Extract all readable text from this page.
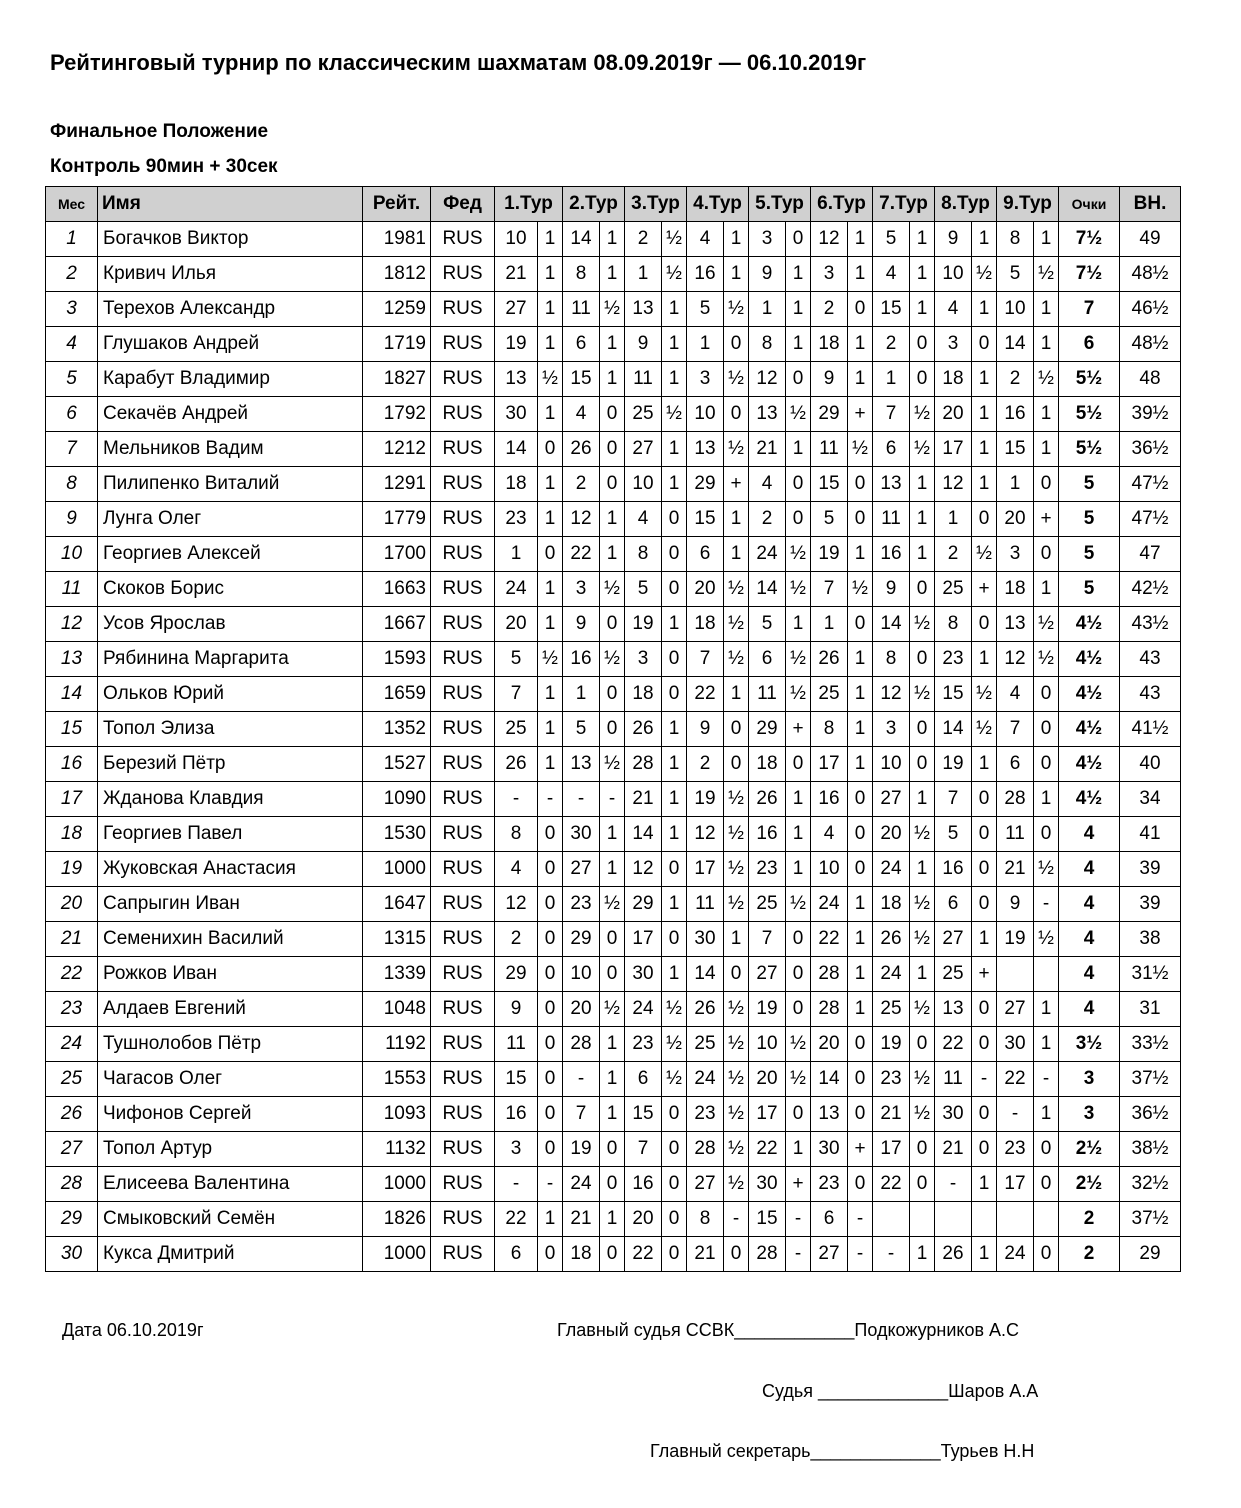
Рейтинговый турнир по классическим шахматам 08.09.2019г — 06.10.2019г
Финальное Положение
Контроль 90мин + 30сек
Мес	Имя	Рейт.	Фед	1.Тур		2.Тур		3.Тур		4.Тур		5.Тур		6.Тур		7.Тур		8.Тур		9.Тур		Очки	ВН.
1	Богачков Виктор	1981	RUS	10	1	14	1	2	½	4	1	3	0	12	1	5	1	9	1	8	1	7½	49
2	Кривич Илья	1812	RUS	21	1	8	1	1	½	16	1	9	1	3	1	4	1	10	½	5	½	7½	48½
3	Терехов Александр	1259	RUS	27	1	11	½	13	1	5	½	1	1	2	0	15	1	4	1	10	1	7	46½
4	Глушаков Андрей	1719	RUS	19	1	6	1	9	1	1	0	8	1	18	1	2	0	3	0	14	1	6	48½
5	Карабут Владимир	1827	RUS	13	½	15	1	11	1	3	½	12	0	9	1	1	0	18	1	2	½	5½	48
6	Секачёв Андрей	1792	RUS	30	1	4	0	25	½	10	0	13	½	29	+	7	½	20	1	16	1	5½	39½
7	Мельников Вадим	1212	RUS	14	0	26	0	27	1	13	½	21	1	11	½	6	½	17	1	15	1	5½	36½
8	Пилипенко Виталий	1291	RUS	18	1	2	0	10	1	29	+	4	0	15	0	13	1	12	1	1	0	5	47½
9	Лунга Олег	1779	RUS	23	1	12	1	4	0	15	1	2	0	5	0	11	1	1	0	20	+	5	47½
10	Георгиев Алексей	1700	RUS	1	0	22	1	8	0	6	1	24	½	19	1	16	1	2	½	3	0	5	47
11	Скоков Борис	1663	RUS	24	1	3	½	5	0	20	½	14	½	7	½	9	0	25	+	18	1	5	42½
12	Усов Ярослав	1667	RUS	20	1	9	0	19	1	18	½	5	1	1	0	14	½	8	0	13	½	4½	43½
13	Рябинина Маргарита	1593	RUS	5	½	16	½	3	0	7	½	6	½	26	1	8	0	23	1	12	½	4½	43
14	Ольков Юрий	1659	RUS	7	1	1	0	18	0	22	1	11	½	25	1	12	½	15	½	4	0	4½	43
15	Топол Элиза	1352	RUS	25	1	5	0	26	1	9	0	29	+	8	1	3	0	14	½	7	0	4½	41½
16	Березий Пётр	1527	RUS	26	1	13	½	28	1	2	0	18	0	17	1	10	0	19	1	6	0	4½	40
17	Жданова Клавдия	1090	RUS	-	-	-	-	21	1	19	½	26	1	16	0	27	1	7	0	28	1	4½	34
18	Георгиев Павел	1530	RUS	8	0	30	1	14	1	12	½	16	1	4	0	20	½	5	0	11	0	4	41
19	Жуковская Анастасия	1000	RUS	4	0	27	1	12	0	17	½	23	1	10	0	24	1	16	0	21	½	4	39
20	Сапрыгин Иван	1647	RUS	12	0	23	½	29	1	11	½	25	½	24	1	18	½	6	0	9	-	4	39
21	Семенихин Василий	1315	RUS	2	0	29	0	17	0	30	1	7	0	22	1	26	½	27	1	19	½	4	38
22	Рожков Иван	1339	RUS	29	0	10	0	30	1	14	0	27	0	28	1	24	1	25	+			4	31½
23	Алдаев Евгений	1048	RUS	9	0	20	½	24	½	26	½	19	0	28	1	25	½	13	0	27	1	4	31
24	Тушнолобов Пётр	1192	RUS	11	0	28	1	23	½	25	½	10	½	20	0	19	0	22	0	30	1	3½	33½
25	Чагасов Олег	1553	RUS	15	0	-	1	6	½	24	½	20	½	14	0	23	½	11	-	22	-	3	37½
26	Чифонов Сергей	1093	RUS	16	0	7	1	15	0	23	½	17	0	13	0	21	½	30	0	-	1	3	36½
27	Топол Артур	1132	RUS	3	0	19	0	7	0	28	½	22	1	30	+	17	0	21	0	23	0	2½	38½
28	Елисеева Валентина	1000	RUS	-	-	24	0	16	0	27	½	30	+	23	0	22	0	-	1	17	0	2½	32½
29	Смыковский Семён	1826	RUS	22	1	21	1	20	0	8	-	15	-	6	-							2	37½
30	Кукса Дмитрий	1000	RUS	6	0	18	0	22	0	21	0	28	-	27	-	-	1	26	1	24	0	2	29
Дата 06.10.2019г	Главный судья ССВК____________Подкожурников А.С
Судья _____________Шаров А.А
Главный секретарь_____________Турьев Н.Н
